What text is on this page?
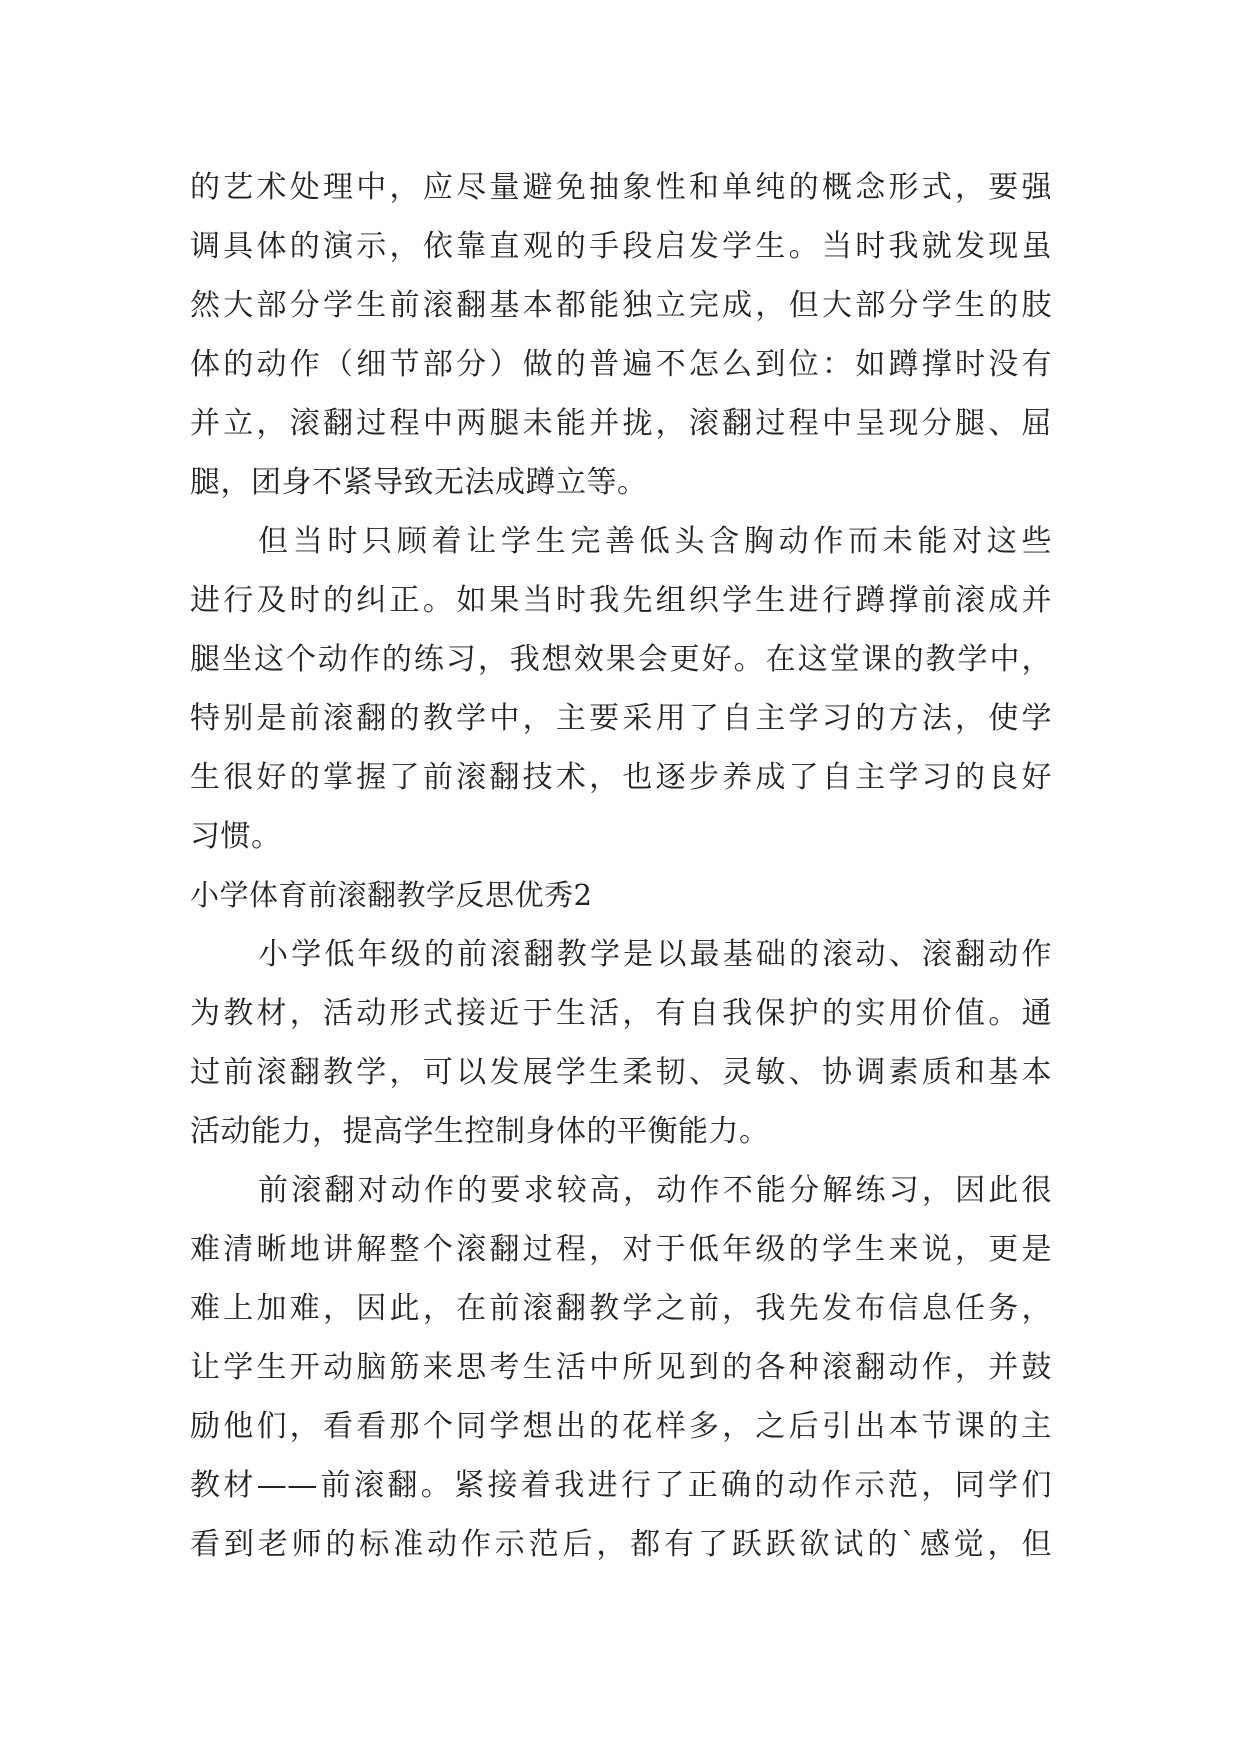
的艺术处理中，应尽量避免抽象性和单纯的概念形式，要强
调具体的演示，依靠直观的手段启发学生。当时我就发现虽
然大部分学生前滚翻基本都能独立完成，但大部分学生的肢
体的动作（细节部分）做的普遍不怎么到位：如蹲撑时没有
并立，滚翻过程中两腿未能并拢，滚翻过程中呈现分腿、屈
腿，团身不紧导致无法成蹲立等。
但当时只顾着让学生完善低头含胸动作而未能对这些
进行及时的纠正。如果当时我先组织学生进行蹲撑前滚成并
腿坐这个动作的练习，我想效果会更好。在这堂课的教学中，
特别是前滚翻的教学中，主要采用了自主学习的方法，使学
生很好的掌握了前滚翻技术，也逐步养成了自主学习的良好
习惯。
小学体育前滚翻教学反思优秀2
小学低年级的前滚翻教学是以最基础的滚动、滚翻动作
为教材，活动形式接近于生活，有自我保护的实用价值。通
过前滚翻教学，可以发展学生柔韧、灵敏、协调素质和基本
活动能力，提高学生控制身体的平衡能力。
前滚翻对动作的要求较高，动作不能分解练习，因此很
难清晰地讲解整个滚翻过程，对于低年级的学生来说，更是
难上加难，因此，在前滚翻教学之前，我先发布信息任务，
让学生开动脑筋来思考生活中所见到的各种滚翻动作，并鼓
励他们，看看那个同学想出的花样多，之后引出本节课的主
教材——前滚翻。紧接着我进行了正确的动作示范，同学们
看到老师的标准动作示范后，都有了跃跃欲试的`感觉，但
